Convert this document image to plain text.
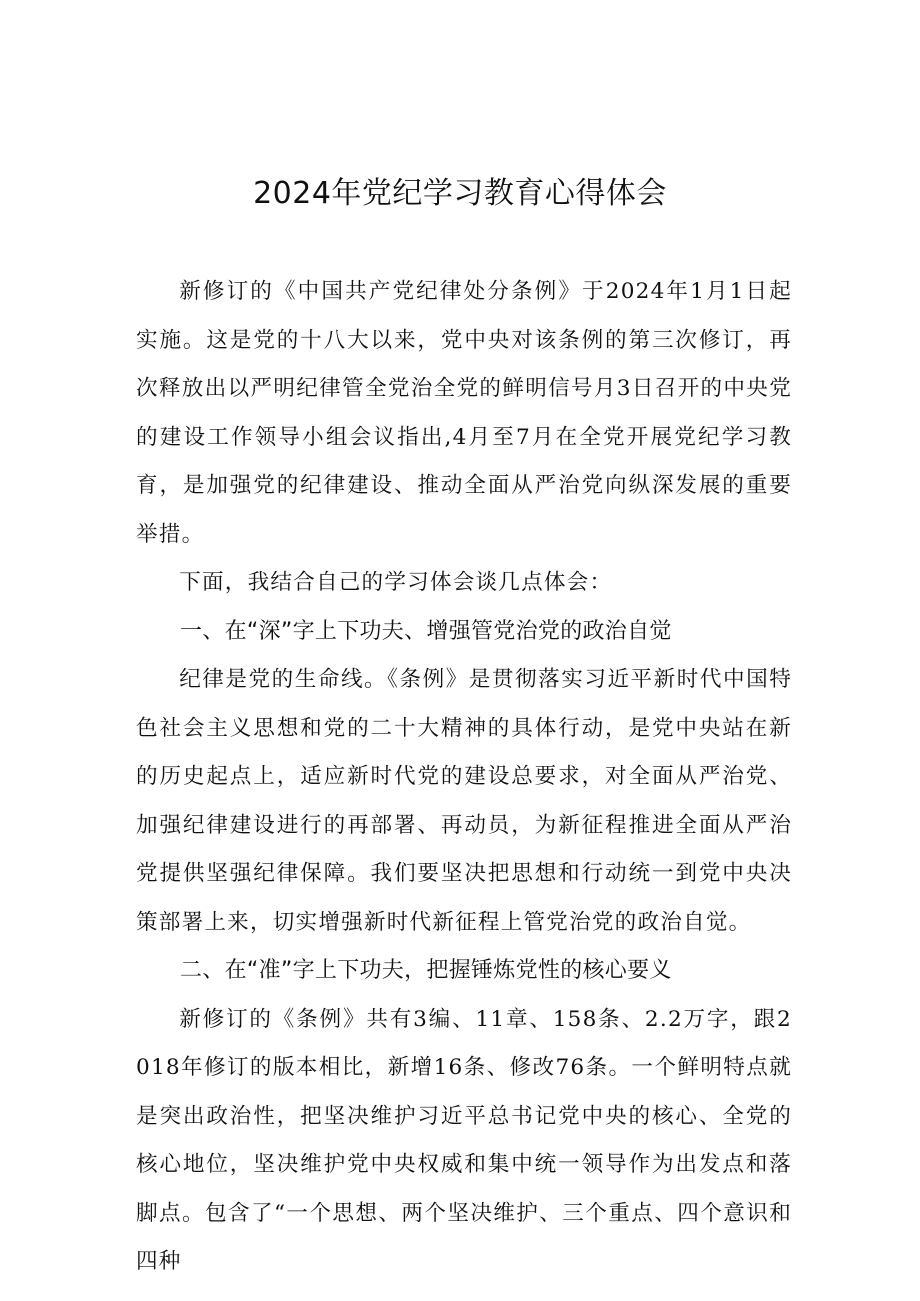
2024年党纪学习教育心得体会

新修订的《中国共产党纪律处分条例》于2024年1月1日起实施。这是党的十八大以来，党中央对该条例的第三次修订，再次释放出以严明纪律管全党治全党的鲜明信号月3日召开的中央党的建设工作领导小组会议指出,4月至7月在全党开展党纪学习教育，是加强党的纪律建设、推动全面从严治党向纵深发展的重要举措。

下面，我结合自己的学习体会谈几点体会：

一、在“深”字上下功夫、增强管党治党的政治自觉

纪律是党的生命线。《条例》是贯彻落实习近平新时代中国特色社会主义思想和党的二十大精神的具体行动，是党中央站在新的历史起点上，适应新时代党的建设总要求，对全面从严治党、加强纪律建设进行的再部署、再动员，为新征程推进全面从严治党提供坚强纪律保障。我们要坚决把思想和行动统一到党中央决策部署上来，切实增强新时代新征程上管党治党的政治自觉。

二、在“准”字上下功夫，把握锤炼党性的核心要义

新修订的《条例》共有3编、11章、158条、2.2万字，跟2018年修订的版本相比，新增16条、修改76条。一个鲜明特点就是突出政治性，把坚决维护习近平总书记党中央的核心、全党的核心地位，坚决维护党中央权威和集中统一领导作为出发点和落脚点。包含了“一个思想、两个坚决维护、三个重点、四个意识和四种
